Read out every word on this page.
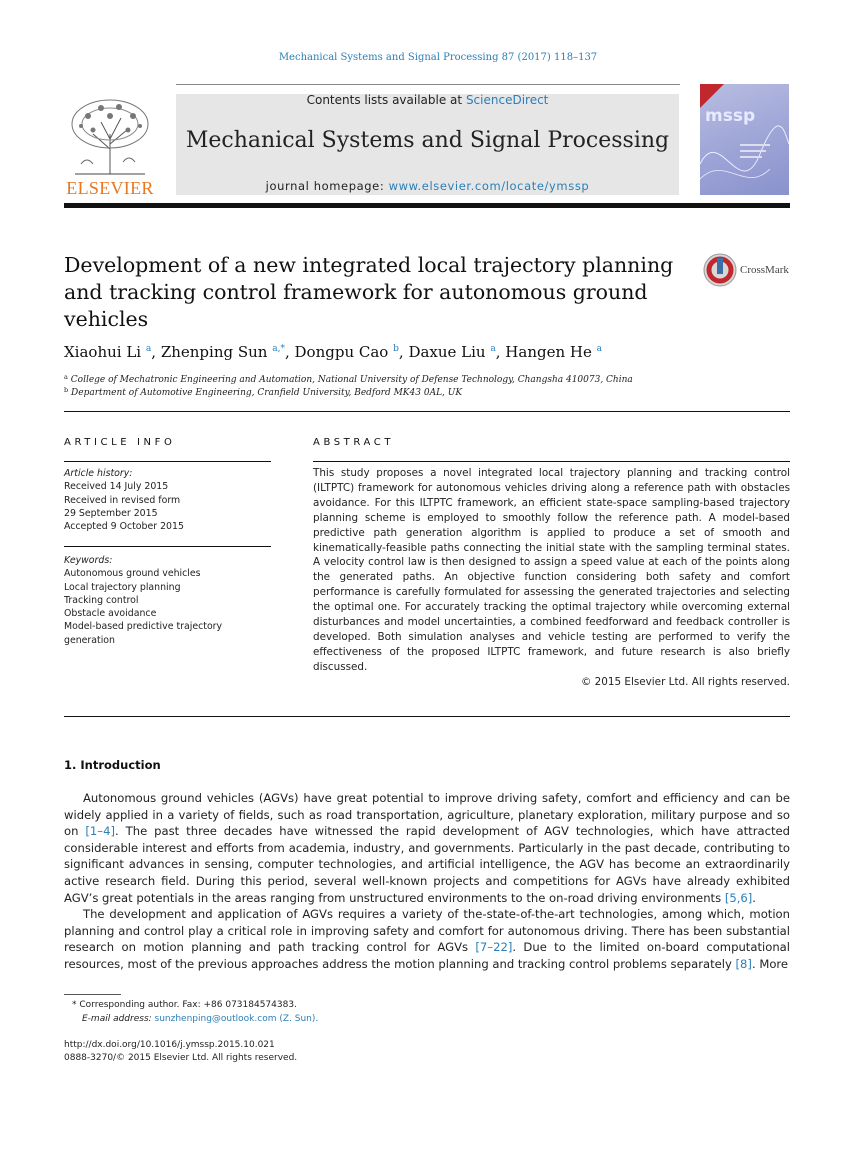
Mechanical Systems and Signal Processing 87 (2017) 118–137
ELSEVIER
Contents lists available at ScienceDirect
Mechanical Systems and Signal Processing
journal homepage: www.elsevier.com/locate/ymssp
mssp
Development of a new integrated local trajectory planning and tracking control framework for autonomous ground vehicles
CrossMark
Xiaohui Li $^a$, Zhenping Sun $^{a,*}$, Dongpu Cao $^b$, Daxue Liu $^a$, Hangen He $^a$
$^a$ College of Mechatronic Engineering and Automation, National University of Defense Technology, Changsha 410073, China
$^b$ Department of Automotive Engineering, Cranfield University, Bedford MK43 0AL, UK
ARTICLE INFO
Article history:
Received 14 July 2015
Received in revised form
29 September 2015
Accepted 9 October 2015
Keywords:
Autonomous ground vehicles
Local trajectory planning
Tracking control
Obstacle avoidance
Model-based predictive trajectory
generation
ABSTRACT
This study proposes a novel integrated local trajectory planning and tracking control (ILTPTC) framework for autonomous vehicles driving along a reference path with obstacles avoidance. For this ILTPTC framework, an efficient state-space sampling-based trajectory planning scheme is employed to smoothly follow the reference path. A model-based predictive path generation algorithm is applied to produce a set of smooth and kinematically-feasible paths connecting the initial state with the sampling terminal states. A velocity control law is then designed to assign a speed value at each of the points along the generated paths. An objective function considering both safety and comfort performance is carefully formulated for assessing the generated trajectories and selecting the optimal one. For accurately tracking the optimal trajectory while overcoming external disturbances and model uncertainties, a combined feedforward and feedback controller is developed. Both simulation analyses and vehicle testing are performed to verify the effectiveness of the proposed ILTPTC framework, and future research is also briefly discussed.
© 2015 Elsevier Ltd. All rights reserved.
1. Introduction

Autonomous ground vehicles (AGVs) have great potential to improve driving safety, comfort and efficiency and can be widely applied in a variety of fields, such as road transportation, agriculture, planetary exploration, military purpose and so on [1–4]. The past three decades have witnessed the rapid development of AGV technologies, which have attracted considerable interest and efforts from academia, industry, and governments. Particularly in the past decade, contributing to significant advances in sensing, computer technologies, and artificial intelligence, the AGV has become an extraordinarily active research field. During this period, several well-known projects and competitions for AGVs have already exhibited AGV’s great potentials in the areas ranging from unstructured environments to the on-road driving environments [5,6].

The development and application of AGVs requires a variety of the-state-of-the-art technologies, among which, motion planning and control play a critical role in improving safety and comfort for autonomous driving. There has been substantial research on motion planning and path tracking control for AGVs [7–22]. Due to the limited on-board computational resources, most of the previous approaches address the motion planning and tracking control problems separately [8]. More

* Corresponding author. Fax: +86 073184574383.
E-mail address: sunzhenping@outlook.com (Z. Sun).
http://dx.doi.org/10.1016/j.ymssp.2015.10.021
0888-3270/© 2015 Elsevier Ltd. All rights reserved.
